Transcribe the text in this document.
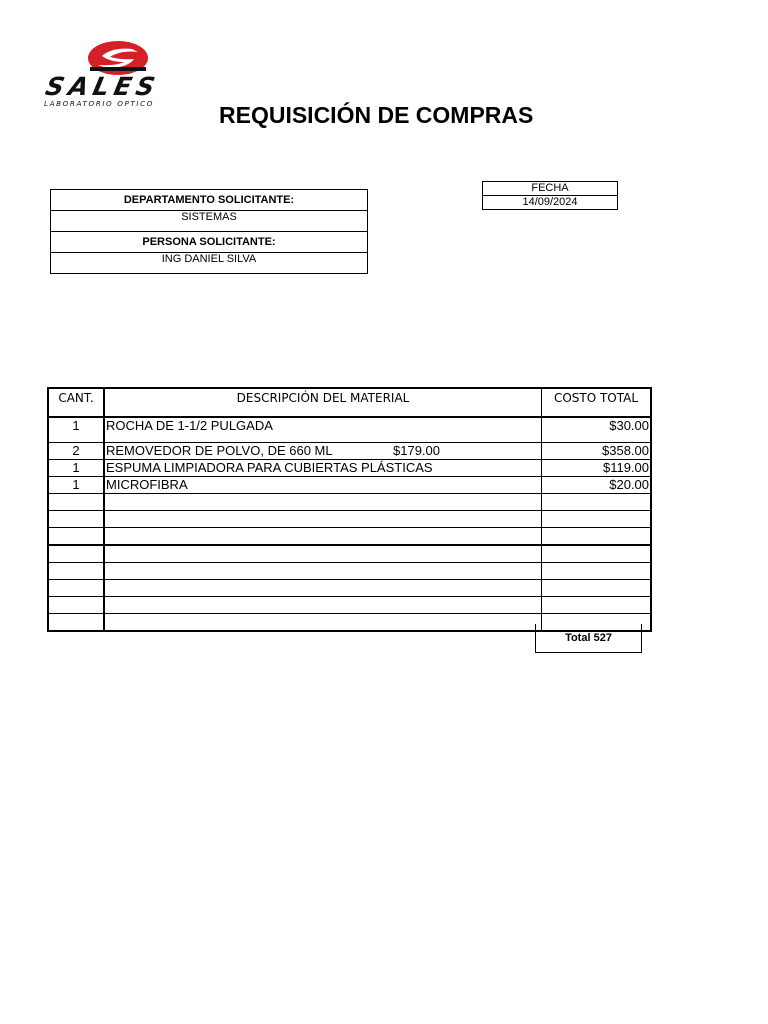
SALES
LABORATORIO OPTICO	REQUISICIÓN DE COMPRAS
DEPARTAMENTO SOLICITANTE:
SISTEMAS
PERSONA SOLICITANTE:
ING DANIEL SILVA
FECHA
14/09/2024
CANT.	DESCRIPCIÓN DEL MATERIAL	COSTO TOTAL
1	ROCHA DE 1-1/2 PULGADA	$30.00
2	REMOVEDOR DE POLVO, DE 660 ML $179.00	$358.00
1	ESPUMA LIMPIADORA PARA CUBIERTAS PLÁSTICAS	$119.00
1	MICROFIBRA	$20.00

Total 527
